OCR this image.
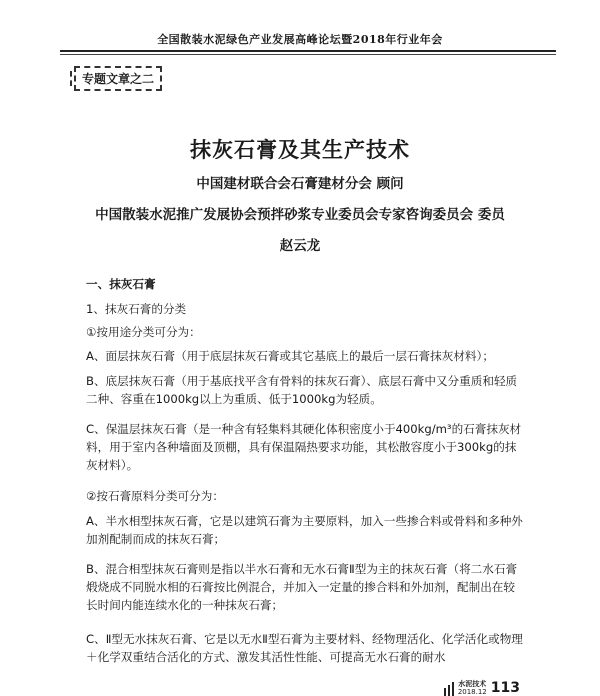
全国散装水泥绿色产业发展高峰论坛暨2018年行业年会
专题文章之二
抹灰石膏及其生产技术
中国建材联合会石膏建材分会 顾问
中国散装水泥推广发展协会预拌砂浆专业委员会专家咨询委员会 委员
赵云龙
一、抹灰石膏
1、抹灰石膏的分类
①按用途分类可分为：
A、面层抹灰石膏（用于底层抹灰石膏或其它基底上的最后一层石膏抹灰材料）；
B、底层抹灰石膏（用于基底找平含有骨料的抹灰石膏）、底层石膏中又分重质和轻质二种、容重在1000kg以上为重质、低于1000kg为轻质。
C、保温层抹灰石膏（是一种含有轻集料其硬化体积密度小于400kg/m³的石膏抹灰材料，用于室内各种墙面及顶棚，具有保温隔热要求功能，其松散容度小于300kg的抹灰材料）。
②按石膏原料分类可分为：
A、半水相型抹灰石膏，它是以建筑石膏为主要原料，加入一些掺合料或骨料和多种外加剂配制而成的抹灰石膏；
B、混合相型抹灰石膏则是指以半水石膏和无水石膏Ⅱ型为主的抹灰石膏（将二水石膏煅烧成不同脱水相的石膏按比例混合，并加入一定量的掺合料和外加剂，配制出在较长时间内能连续水化的一种抹灰石膏；
C、Ⅱ型无水抹灰石膏、它是以无水Ⅱ型石膏为主要材料、经物理活化、化学活化或物理＋化学双重结合活化的方式、激发其活性性能、可提高无水石膏的耐水
水泥技术
2018.12 113
